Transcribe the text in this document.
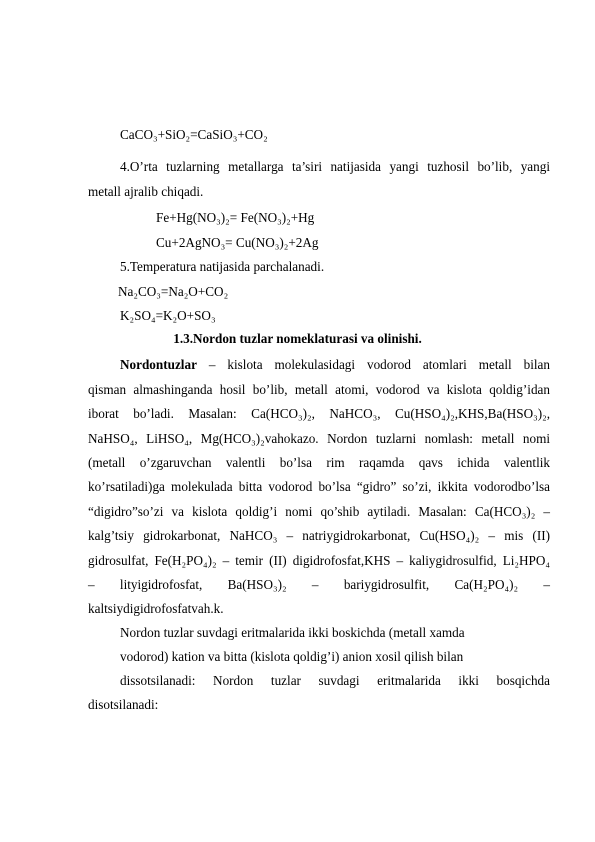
CaCO₃+SiO₂=CaSiO₃+CO₂
4.O’rta tuzlarning metallarga ta’siri natijasida yangi tuzhosil bo’lib, yangi
metall ajralib chiqadi.
Fe+Hg(NO₃)₂= Fe(NO₃)₂+Hg
Cu+2AgNO₃= Cu(NO₃)₂+2Ag
5.Temperatura natijasida parchalanadi.
Na₂CO₃=Na₂O+CO₂
K₂SO₄=K₂O+SO₃
1.3.Nordon tuzlar nomeklaturasi va olinishi.
Nordontuzlar – kislota molekulasidagi vodorod atomlari metall bilan
qisman almashinganda hosil bo’lib, metall atomi, vodorod va kislota qoldig’idan
iborat bo’ladi. Masalan: Ca(HCO₃)₂, NaHCO₃, Cu(HSO₄)₂,KHS,Ba(HSO₃)₂,
NaHSO₄, LiHSO₄, Mg(HCO₃)₂vahokazo. Nordon tuzlarni nomlash: metall nomi
(metall o’zgaruvchan valentli bo’lsa rim raqamda qavs ichida valentlik
ko’rsatiladi)ga molekulada bitta vodorod bo’lsa “gidro” so’zi, ikkita vodorodbo’lsa
“digidro”so’zi va kislota qoldig’i nomi qo’shib aytiladi. Masalan: Ca(HCO₃)₂ –
kalg’tsiy gidrokarbonat, NaHCO₃ – natriygidrokarbonat, Cu(HSO₄)₂ – mis (II)
gidrosulfat, Fe(H₂PO₄)₂ – temir (II) digidrofosfat,KHS – kaliygidrosulfid, Li₂HPO₄
– lityigidrofosfat, Ba(HSO₃)₂ – bariygidrosulfit, Ca(H₂PO₄)₂ –
kaltsiydigidrofosfatvah.k.
Nordon tuzlar suvdagi eritmalarida ikki boskichda (metall xamda
vodorod) kation va bitta (kislota qoldig’i) anion xosil qilish bilan
dissotsilanadi: Nordon tuzlar suvdagi eritmalarida ikki bosqichda
disotsilanadi:
